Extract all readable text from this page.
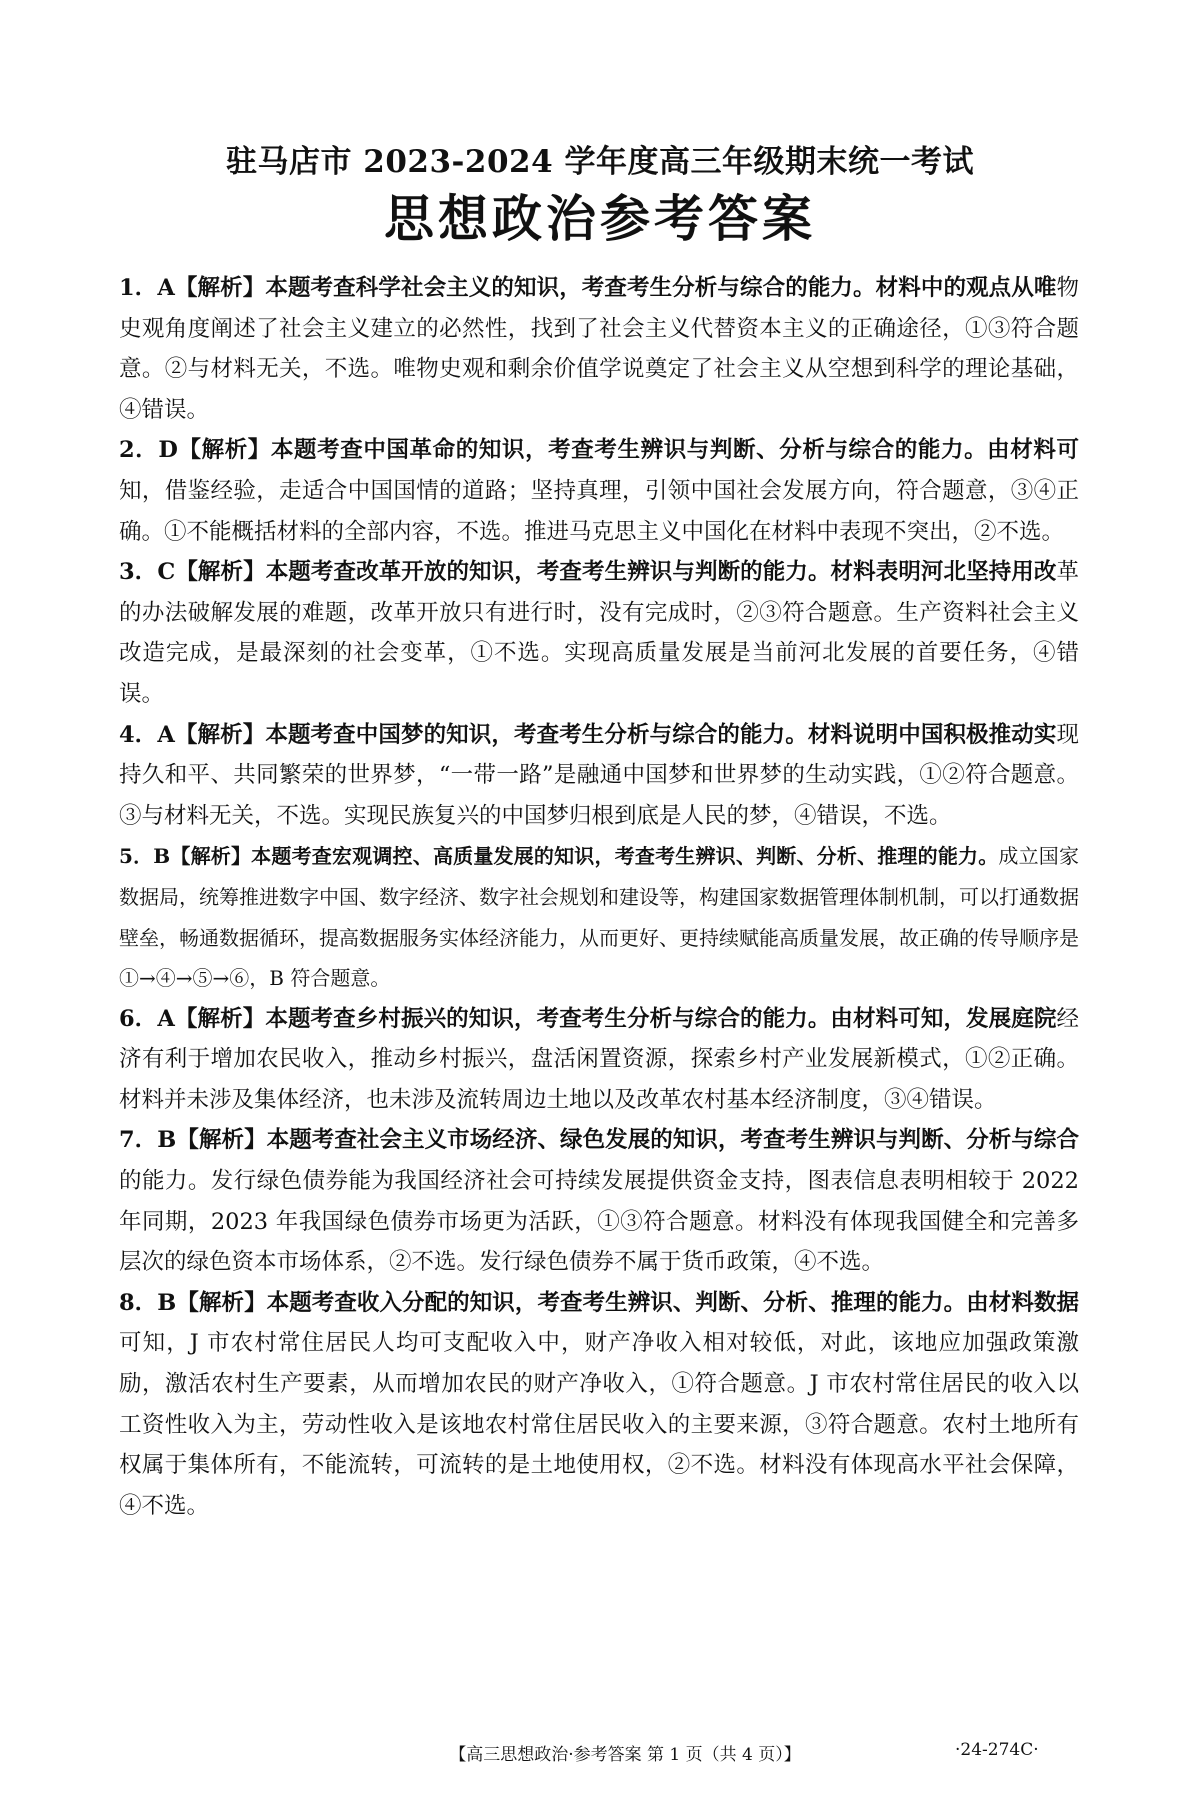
驻马店市 2023-2024 学年度高三年级期末统一考试
思想政治参考答案

1．A【解析】本题考查科学社会主义的知识，考查考生分析与综合的能力。材料中的观点从唯物史观角度阐述了社会主义建立的必然性，找到了社会主义代替资本主义的正确途径，①③符合题意。②与材料无关，不选。唯物史观和剩余价值学说奠定了社会主义从空想到科学的理论基础，④错误。

2．D【解析】本题考查中国革命的知识，考查考生辨识与判断、分析与综合的能力。由材料可知，借鉴经验，走适合中国国情的道路；坚持真理，引领中国社会发展方向，符合题意，③④正确。①不能概括材料的全部内容，不选。推进马克思主义中国化在材料中表现不突出，②不选。

3．C【解析】本题考查改革开放的知识，考查考生辨识与判断的能力。材料表明河北坚持用改革的办法破解发展的难题，改革开放只有进行时，没有完成时，②③符合题意。生产资料社会主义改造完成，是最深刻的社会变革，①不选。实现高质量发展是当前河北发展的首要任务，④错误。

4．A【解析】本题考查中国梦的知识，考查考生分析与综合的能力。材料说明中国积极推动实现持久和平、共同繁荣的世界梦，“一带一路”是融通中国梦和世界梦的生动实践，①②符合题意。③与材料无关，不选。实现民族复兴的中国梦归根到底是人民的梦，④错误，不选。

5．B【解析】本题考查宏观调控、高质量发展的知识，考查考生辨识、判断、分析、推理的能力。成立国家数据局，统筹推进数字中国、数字经济、数字社会规划和建设等，构建国家数据管理体制机制，可以打通数据壁垒，畅通数据循环，提高数据服务实体经济能力，从而更好、更持续赋能高质量发展，故正确的传导顺序是①→④→⑤→⑥，B 符合题意。

6．A【解析】本题考查乡村振兴的知识，考查考生分析与综合的能力。由材料可知，发展庭院经济有利于增加农民收入，推动乡村振兴，盘活闲置资源，探索乡村产业发展新模式，①②正确。材料并未涉及集体经济，也未涉及流转周边土地以及改革农村基本经济制度，③④错误。

7．B【解析】本题考查社会主义市场经济、绿色发展的知识，考查考生辨识与判断、分析与综合的能力。发行绿色债券能为我国经济社会可持续发展提供资金支持，图表信息表明相较于 2022 年同期，2023 年我国绿色债券市场更为活跃，①③符合题意。材料没有体现我国健全和完善多层次的绿色资本市场体系，②不选。发行绿色债券不属于货币政策，④不选。

8．B【解析】本题考查收入分配的知识，考查考生辨识、判断、分析、推理的能力。由材料数据可知，J 市农村常住居民人均可支配收入中，财产净收入相对较低，对此，该地应加强政策激励，激活农村生产要素，从而增加农民的财产净收入，①符合题意。J 市农村常住居民的收入以工资性收入为主，劳动性收入是该地农村常住居民收入的主要来源，③符合题意。农村土地所有权属于集体所有，不能流转，可流转的是土地使用权，②不选。材料没有体现高水平社会保障，④不选。

【高三思想政治·参考答案 第 1 页（共 4 页）】	·24-274C·
